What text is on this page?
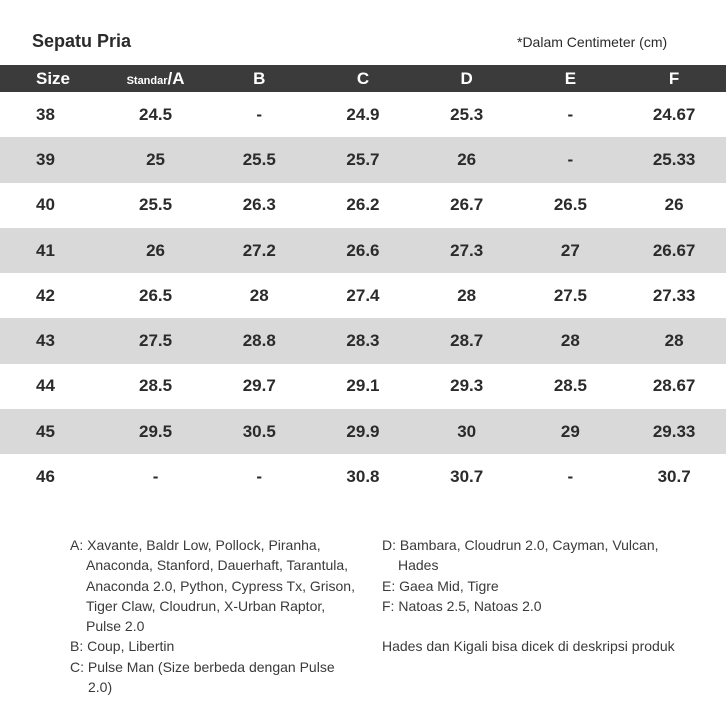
Sepatu Pria	*Dalam Centimeter (cm)
Size	Standar/A	B	C	D	E	F
38	24.5	-	24.9	25.3	-	24.67
39	25	25.5	25.7	26	-	25.33
40	25.5	26.3	26.2	26.7	26.5	26
41	26	27.2	26.6	27.3	27	26.67
42	26.5	28	27.4	28	27.5	27.33
43	27.5	28.8	28.3	28.7	28	28
44	28.5	29.7	29.1	29.3	28.5	28.67
45	29.5	30.5	29.9	30	29	29.33
46	-	-	30.8	30.7	-	30.7
A: Xavante, Baldr Low, Pollock, Piranha, Anaconda, Stanford, Dauerhaft, Tarantula, Anaconda 2.0, Python, Cypress Tx, Grison, Tiger Claw, Cloudrun, X-Urban Raptor, Pulse 2.0
B: Coup, Libertin
C: Pulse Man (Size berbeda dengan Pulse 2.0)
D: Bambara, Cloudrun 2.0, Cayman, Vulcan, Hades
E: Gaea Mid, Tigre
F: Natoas 2.5, Natoas 2.0
Hades dan Kigali bisa dicek di deskripsi produk
